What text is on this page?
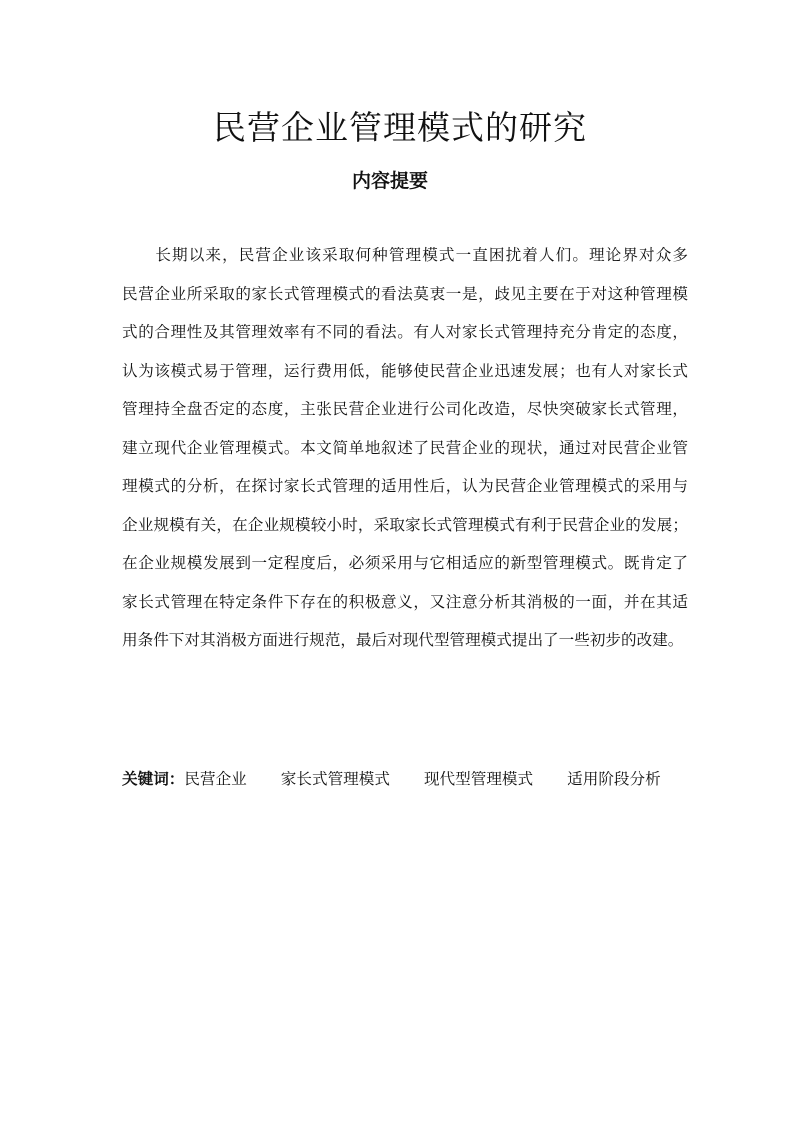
民营企业管理模式的研究
内容提要
　　长期以来，民营企业该采取何种管理模式一直困扰着人们。理论界对众多
民营企业所采取的家长式管理模式的看法莫衷一是，歧见主要在于对这种管理模
式的合理性及其管理效率有不同的看法。有人对家长式管理持充分肯定的态度，
认为该模式易于管理，运行费用低，能够使民营企业迅速发展；也有人对家长式
管理持全盘否定的态度，主张民营企业进行公司化改造，尽快突破家长式管理，
建立现代企业管理模式。本文简单地叙述了民营企业的现状，通过对民营企业管
理模式的分析，在探讨家长式管理的适用性后，认为民营企业管理模式的采用与
企业规模有关，在企业规模较小时，采取家长式管理模式有利于民营企业的发展；
在企业规模发展到一定程度后，必须采用与它相适应的新型管理模式。既肯定了
家长式管理在特定条件下存在的积极意义，又注意分析其消极的一面，并在其适
用条件下对其消极方面进行规范，最后对现代型管理模式提出了一些初步的改建。
关键词：民营企业 家长式管理模式 现代型管理模式 适用阶段分析
